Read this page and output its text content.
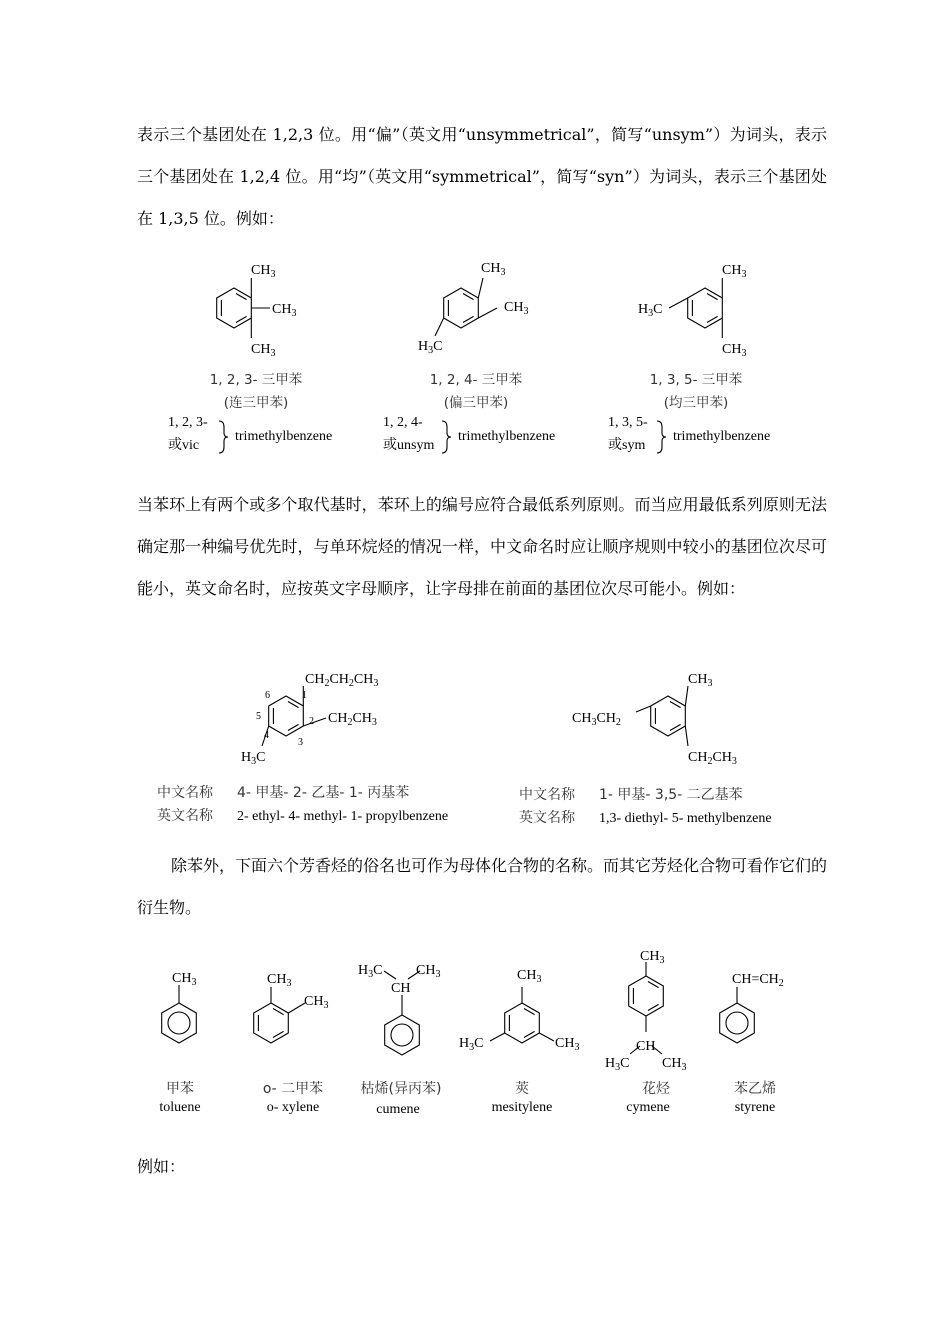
表示三个基团处在 1,2,3 位。用“偏”（英文用“unsymmetrical”，简写“unsym”）为词头，表示三个基团处在 1,2,4 位。用“均”（英文用“symmetrical”，简写“syn”）为词头，表示三个基团处在 1,3,5 位。例如：

$CH_3$
$CH_3$
$CH_3$
$CH_3$
$CH_3$
$H_3C$
$CH_3$
$H_3C$
$CH_3$
1, 2, 3- 三甲苯
(连三甲苯)
1, 2, 4- 三甲苯
(偏三甲苯)
1, 3, 5- 三甲苯
(均三甲苯)
1, 2, 3-
或vic
trimethylbenzene
1, 2, 4-
或unsym
trimethylbenzene
1, 3, 5-
或sym
trimethylbenzene

当苯环上有两个或多个取代基时，苯环上的编号应符合最低系列原则。而当应用最低系列原则无法确定那一种编号优先时，与单环烷烃的情况一样，中文命名时应让顺序规则中较小的基团位次尽可能小，英文命名时，应按英文字母顺序，让字母排在前面的基团位次尽可能小。例如：

$CH_2CH_2CH_3$
$CH_2CH_3$
$H_3C$
1
2
3
4
5
6
$CH_3$
$CH_3CH_2$
$CH_2CH_3$
中文名称 4- 甲基- 2- 乙基- 1- 丙基苯
英文名称 2- ethyl- 4- methyl- 1- propylbenzene
中文名称 1- 甲基- 3,5- 二乙基苯
英文名称 1,3- diethyl- 5- methylbenzene

除苯外，下面六个芳香烃的俗名也可作为母体化合物的名称。而其它芳烃化合物可看作它们的衍生物。

$CH_3$	$CH_3$
$CH_3$
$H_3C$ $CH_3$
CH
$CH_3$
$H_3C$	$CH_3$
$CH_3$
CH
$H_3C$ $CH_3$
$CH=CH_2$
甲苯
toluene
o- 二甲苯
o- xylene
枯烯(异丙苯)
cumene
莢
mesitylene
花烃
cymene
苯乙烯
styrene

例如：
